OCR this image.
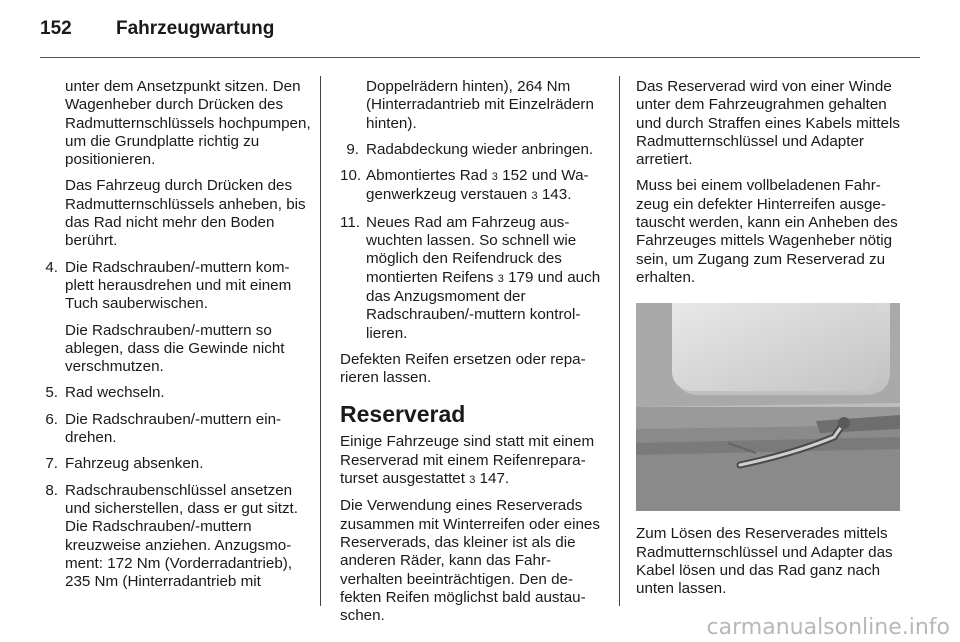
152 Fahrzeugwartung

unter dem Ansetzpunkt sitzen. Den Wagenheber durch Drücken des Radmutternschlüssels hochpumpen, um die Grundplatte richtig zu positionieren.

Das Fahrzeug durch Drücken des Radmutternschlüssels anheben, bis das Rad nicht mehr den Boden berührt.

4. Die Radschrauben/-muttern komplett herausdrehen und mit einem Tuch sauberwischen.

Die Radschrauben/-muttern so ablegen, dass die Gewinde nicht verschmutzen.

5. Rad wechseln.

6. Die Radschrauben/-muttern eindrehen.

7. Fahrzeug absenken.

8. Radschraubenschlüssel ansetzen und sicherstellen, dass er gut sitzt. Die Radschrauben/-muttern kreuzweise anziehen. Anzugsmoment: 172 Nm (Vorderradantrieb), 235 Nm (Hinterradantrieb mit

Doppelrädern hinten), 264 Nm (Hinterradantrieb mit Einzelrädern hinten).

9. Radabdeckung wieder anbringen.

10. Abmontiertes Rad 3 152 und Wagenwerkzeug verstauen 3 143.

11. Neues Rad am Fahrzeug auswuchten lassen. So schnell wie möglich den Reifendruck des montierten Reifens 3 179 und auch das Anzugsmoment der Radschrauben/-muttern kontrollieren.

Defekten Reifen ersetzen oder reparieren lassen.

Reserverad

Einige Fahrzeuge sind statt mit einem Reserverad mit einem Reifenreparaturset ausgestattet 3 147.

Die Verwendung eines Reserverads zusammen mit Winterreifen oder eines Reserverads, das kleiner ist als die anderen Räder, kann das Fahrverhalten beeinträchtigen. Den defekten Reifen möglichst bald austauschen.

Das Reserverad wird von einer Winde unter dem Fahrzeugrahmen gehalten und durch Straffen eines Kabels mittels Radmutternschlüssel und Adapter arretiert.

Muss bei einem vollbeladenen Fahrzeug ein defekter Hinterreifen ausgetauscht werden, kann ein Anheben des Fahrzeuges mittels Wagenheber nötig sein, um Zugang zum Reserverad zu erhalten.

Zum Lösen des Reserverades mittels Radmutternschlüssel und Adapter das Kabel lösen und das Rad ganz nach unten lassen.

carmanualsonline.info
